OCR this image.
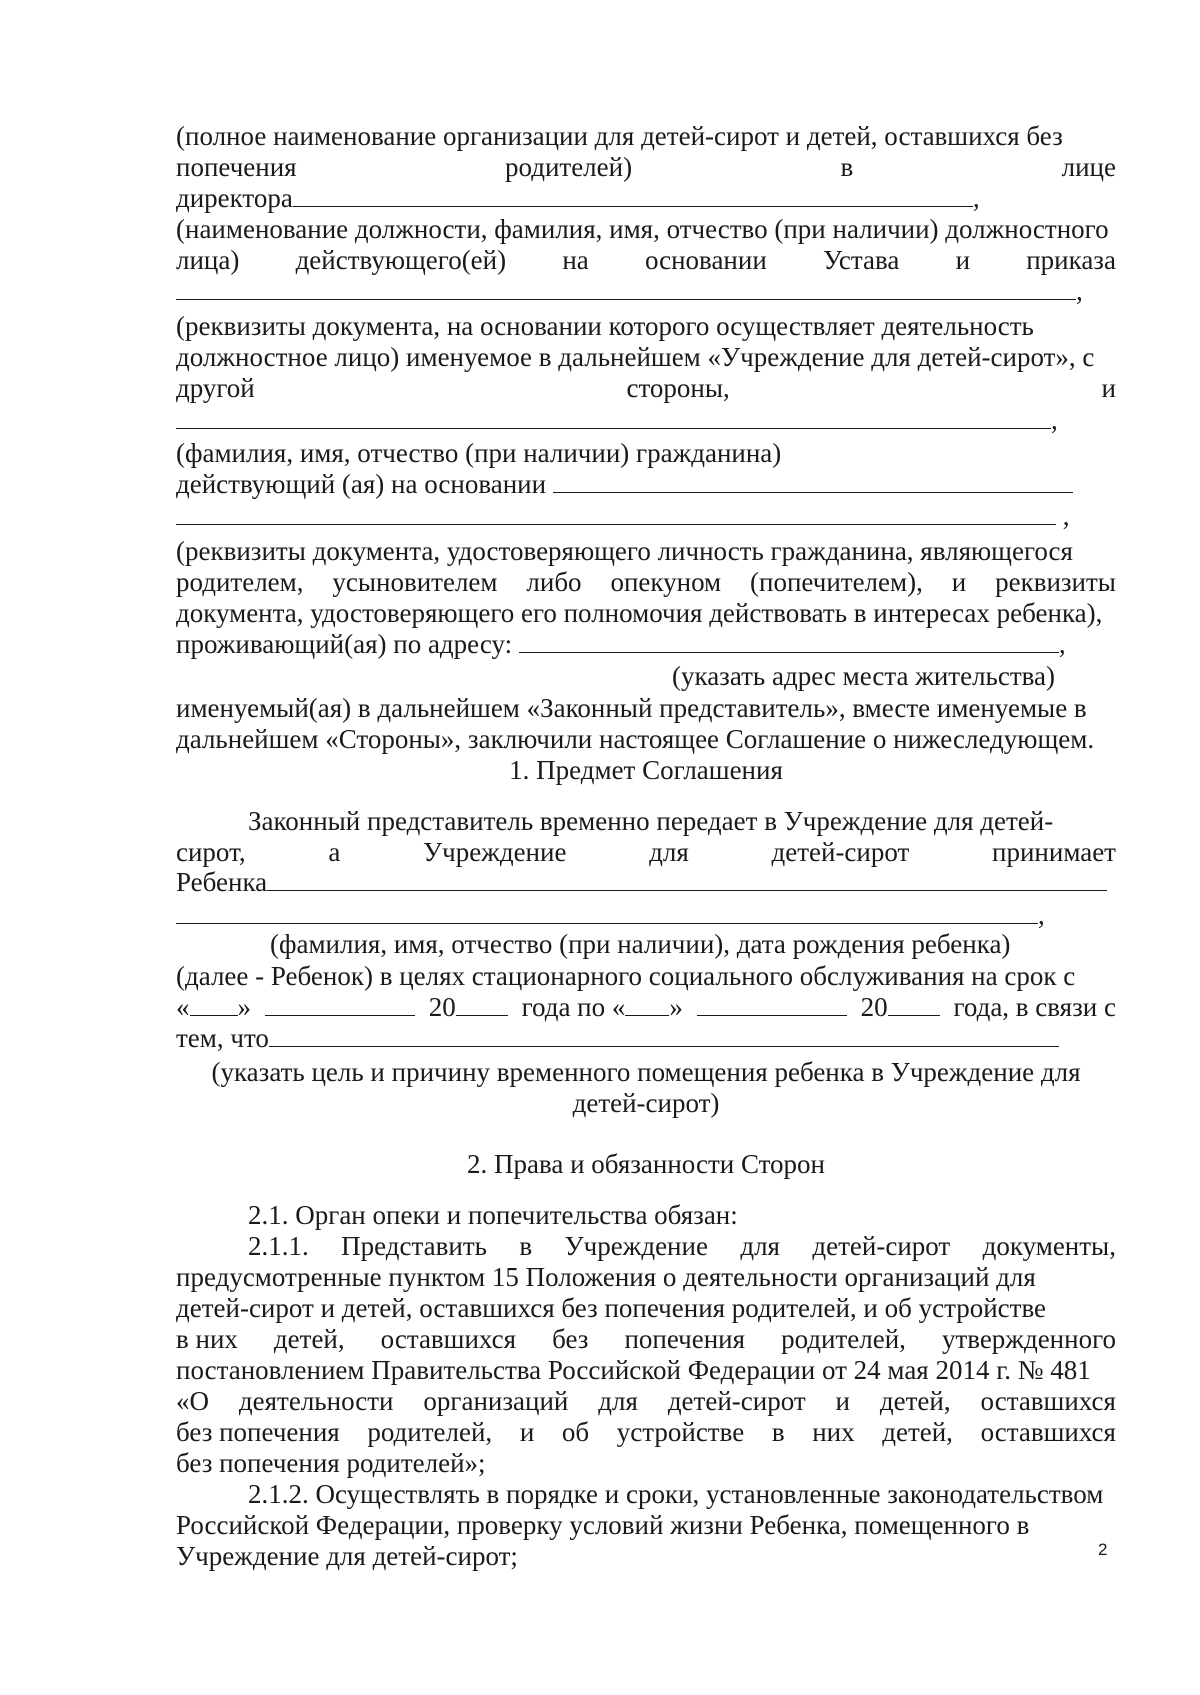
(полное наименование организации для детей-сирот и детей, оставшихся без
попечения	родителей)	в	лице
директора	,
(наименование должности, фамилия, имя, отчество (при наличии) должностного
лица) действующего(ей) на основании Устава и приказа
,
(реквизиты документа, на основании которого осуществляет деятельность
должностное лицо) именуемое в дальнейшем «Учреждение для детей-сирот», с
другой	стороны,	и
,
(фамилия, имя, отчество (при наличии) гражданина)
действующий (ая) на основании
,
(реквизиты документа, удостоверяющего личность гражданина, являющегося
родителем, усыновителем либо опекуном (попечителем), и реквизиты
документа, удостоверяющего его полномочия действовать в интересах ребенка),
проживающий(ая) по адресу:	,
(указать адрес места жительства)
именуемый(ая) в дальнейшем «Законный представитель», вместе именуемые в
дальнейшем «Стороны», заключили настоящее Соглашение о нижеследующем.
1. Предмет Соглашения
Законный представитель временно передает в Учреждение для детей-
сирот,	а	Учреждение	для	детей-сирот	принимает
Ребенка
,
(фамилия, имя, отчество (при наличии), дата рождения ребенка)
(далее - Ребенок) в целях стационарного социального обслуживания на срок с
« »	20	года по « »	20	года, в связи с
тем, что
(указать цель и причину временного помещения ребенка в Учреждение для
детей-сирот)
2. Права и обязанности Сторон
2.1. Орган опеки и попечительства обязан:
2.1.1. Представить в Учреждение для детей-сирот документы,
предусмотренные пунктом 15 Положения о деятельности организаций для
детей-сирот и детей, оставшихся без попечения родителей, и об устройстве
в них детей, оставшихся без попечения родителей, утвержденного
постановлением Правительства Российской Федерации от 24 мая 2014 г. № 481
«О деятельности организаций для детей-сирот и детей, оставшихся
без попечения родителей, и об устройстве в них детей, оставшихся
без попечения родителей»;
2.1.2. Осуществлять в порядке и сроки, установленные законодательством
Российской Федерации, проверку условий жизни Ребенка, помещенного в
Учреждение для детей-сирот;	2
